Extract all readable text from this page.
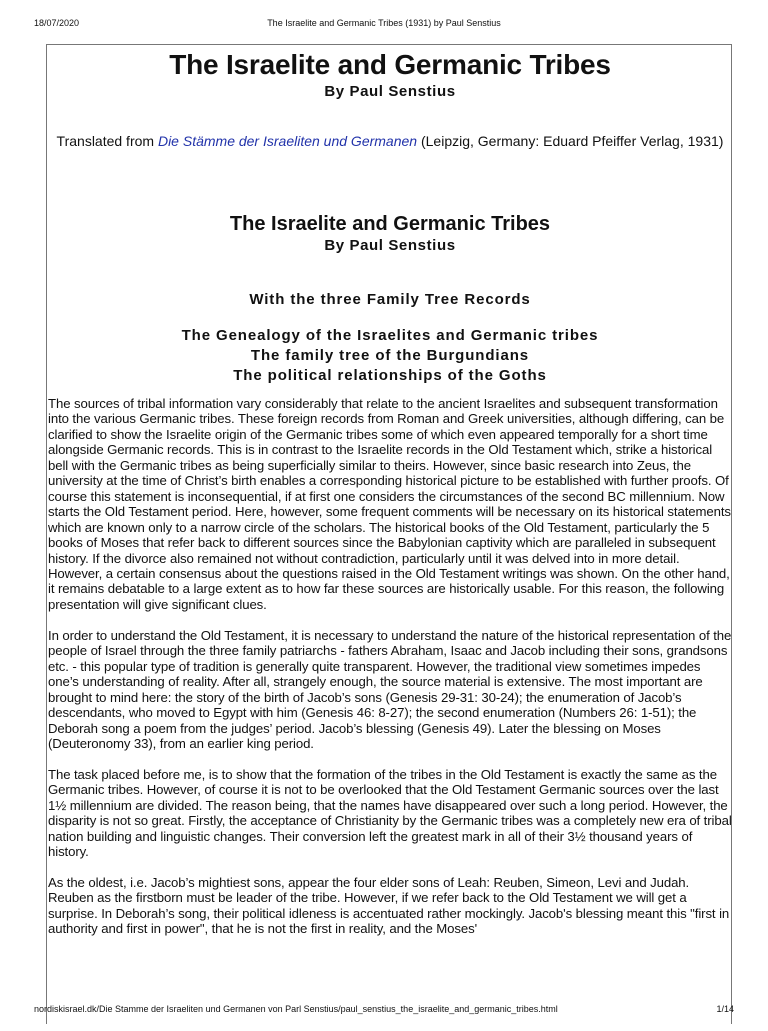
18/07/2020	The Israelite and Germanic Tribes (1931) by Paul Senstius
The Israelite and Germanic Tribes
By Paul Senstius
Translated from Die Stämme der Israeliten und Germanen (Leipzig, Germany: Eduard Pfeiffer Verlag, 1931)
The Israelite and Germanic Tribes
By Paul Senstius
With the three Family Tree Records
The Genealogy of the Israelites and Germanic tribes
The family tree of the Burgundians
The political relationships of the Goths

The sources of tribal information vary considerably that relate to the ancient Israelites and subsequent transformation into the various Germanic tribes. These foreign records from Roman and Greek universities, although differing, can be clarified to show the Israelite origin of the Germanic tribes some of which even appeared temporally for a short time alongside Germanic records. This is in contrast to the Israelite records in the Old Testament which, strike a historical bell with the Germanic tribes as being superficially similar to theirs. However, since basic research into Zeus, the university at the time of Christ’s birth enables a corresponding historical picture to be established with further proofs. Of course this statement is inconsequential, if at first one considers the circumstances of the second BC millennium. Now starts the Old Testament period. Here, however, some frequent comments will be necessary on its historical statements which are known only to a narrow circle of the scholars. The historical books of the Old Testament, particularly the 5 books of Moses that refer back to different sources since the Babylonian captivity which are paralleled in subsequent history. If the divorce also remained not without contradiction, particularly until it was delved into in more detail. However, a certain consensus about the questions raised in the Old Testament writings was shown. On the other hand, it remains debatable to a large extent as to how far these sources are historically usable. For this reason, the following presentation will give significant clues.

In order to understand the Old Testament, it is necessary to understand the nature of the historical representation of the people of Israel through the three family patriarchs - fathers Abraham, Isaac and Jacob including their sons, grandsons etc. - this popular type of tradition is generally quite transparent. However, the traditional view sometimes impedes one’s understanding of reality. After all, strangely enough, the source material is extensive. The most important are brought to mind here: the story of the birth of Jacob’s sons (Genesis 29-31: 30-24); the enumeration of Jacob’s descendants, who moved to Egypt with him (Genesis 46: 8-27); the second enumeration (Numbers 26: 1-51); the Deborah song a poem from the judges’ period. Jacob’s blessing (Genesis 49). Later the blessing on Moses (Deuteronomy 33), from an earlier king period.

The task placed before me, is to show that the formation of the tribes in the Old Testament is exactly the same as the Germanic tribes. However, of course it is not to be overlooked that the Old Testament Germanic sources over the last 1½ millennium are divided. The reason being, that the names have disappeared over such a long period. However, the disparity is not so great. Firstly, the acceptance of Christianity by the Germanic tribes was a completely new era of tribal nation building and linguistic changes. Their conversion left the greatest mark in all of their 3½ thousand years of history.

As the oldest, i.e. Jacob’s mightiest sons, appear the four elder sons of Leah: Reuben, Simeon, Levi and Judah. Reuben as the firstborn must be leader of the tribe. However, if we refer back to the Old Testament we will get a surprise. In Deborah’s song, their political idleness is accentuated rather mockingly. Jacob's blessing meant this "first in authority and first in power", that he is not the first in reality, and the Moses'

nordiskisrael.dk/Die Stamme der Israeliten und Germanen von Parl Senstius/paul_senstius_the_israelite_and_germanic_tribes.html	1/14
